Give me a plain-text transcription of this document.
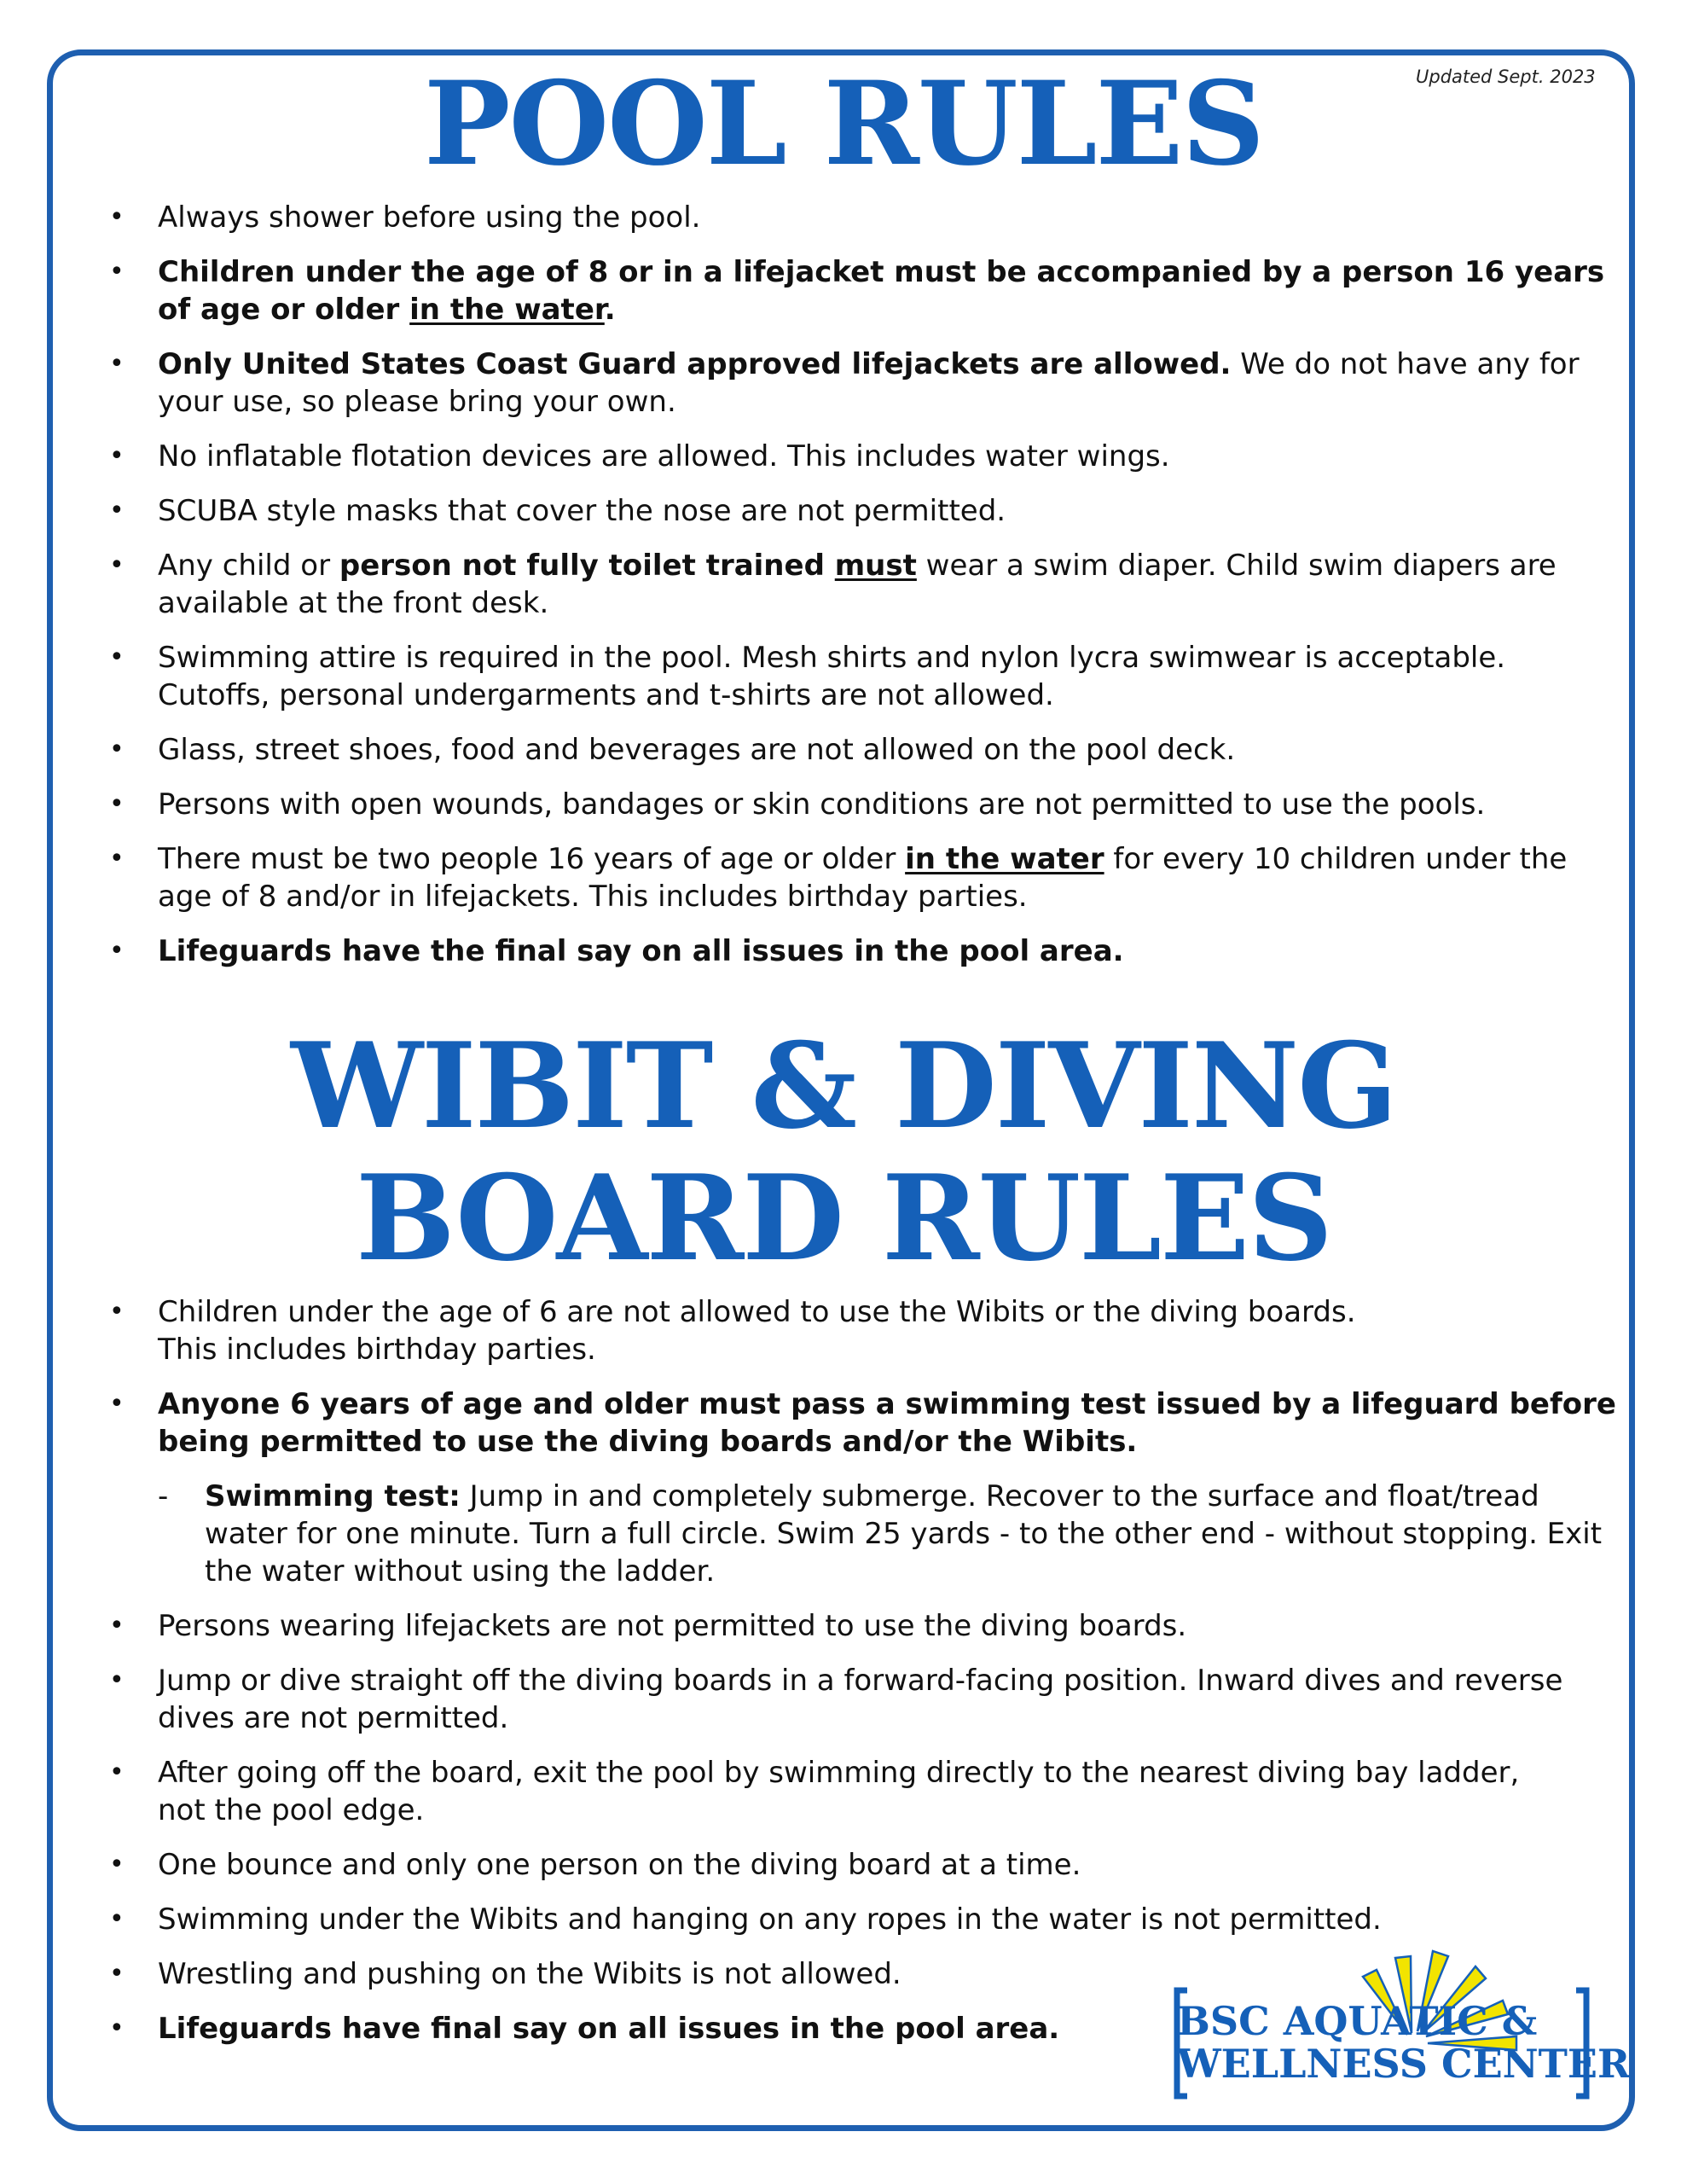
Updated Sept. 2023
POOL RULES
• Always shower before using the pool.
• Children under the age of 8 or in a lifejacket must be accompanied by a person 16 years of age or older in the water.
• Only United States Coast Guard approved lifejackets are allowed. We do not have any for your use, so please bring your own.
• No inflatable flotation devices are allowed. This includes water wings.
• SCUBA style masks that cover the nose are not permitted.
• Any child or person not fully toilet trained must wear a swim diaper. Child swim diapers are available at the front desk.
• Swimming attire is required in the pool. Mesh shirts and nylon lycra swimwear is acceptable.
Cutoffs, personal undergarments and t-shirts are not allowed.
• Glass, street shoes, food and beverages are not allowed on the pool deck.
• Persons with open wounds, bandages or skin conditions are not permitted to use the pools.
• There must be two people 16 years of age or older in the water for every 10 children under the age of 8 and/or in lifejackets. This includes birthday parties.
• Lifeguards have the final say on all issues in the pool area.
WIBIT & DIVING
BOARD RULES
• Children under the age of 6 are not allowed to use the Wibits or the diving boards.
This includes birthday parties.
• Anyone 6 years of age and older must pass a swimming test issued by a lifeguard before being permitted to use the diving boards and/or the Wibits.
- Swimming test: Jump in and completely submerge. Recover to the surface and float/tread water for one minute. Turn a full circle. Swim 25 yards - to the other end - without stopping. Exit the water without using the ladder.
• Persons wearing lifejackets are not permitted to use the diving boards.
• Jump or dive straight off the diving boards in a forward-facing position. Inward dives and reverse dives are not permitted.
• After going off the board, exit the pool by swimming directly to the nearest diving bay ladder,
not the pool edge.
• One bounce and only one person on the diving board at a time.
• Swimming under the Wibits and hanging on any ropes in the water is not permitted.
• Wrestling and pushing on the Wibits is not allowed.
• Lifeguards have final say on all issues in the pool area.	BSC AQUATIC &
WELLNESS CENTER
